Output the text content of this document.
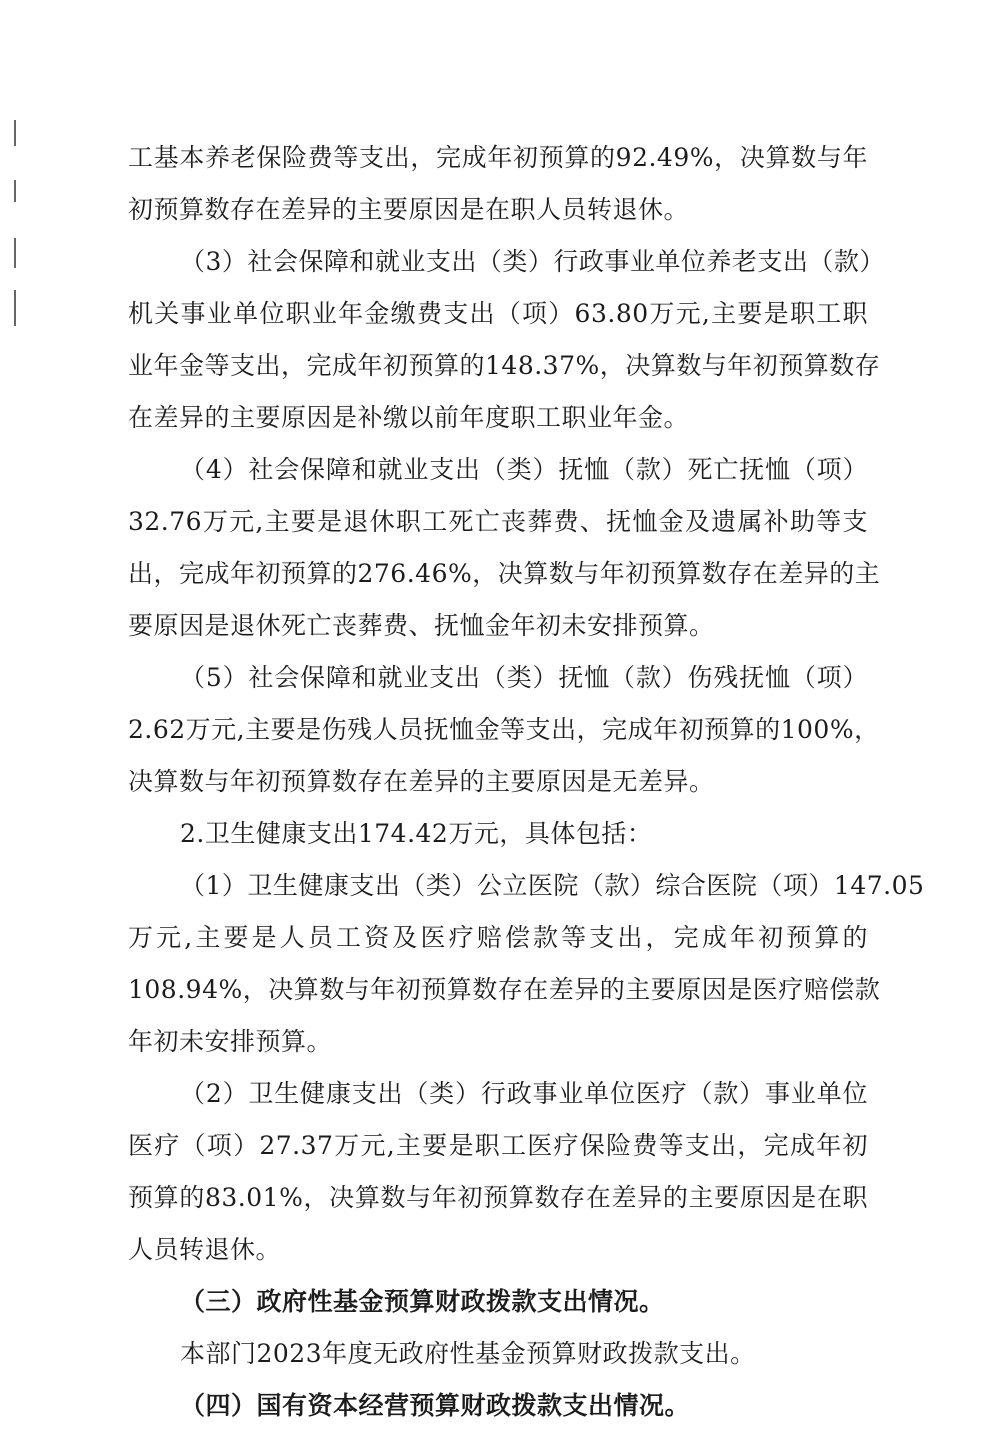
工基本养老保险费等支出，完成年初预算的92.49%，决算数与年
初预算数存在差异的主要原因是在职人员转退休。
（3）社会保障和就业支出（类）行政事业单位养老支出（款）
机关事业单位职业年金缴费支出（项）63.80万元,主要是职工职
业年金等支出，完成年初预算的148.37%，决算数与年初预算数存
在差异的主要原因是补缴以前年度职工职业年金。
（4）社会保障和就业支出（类）抚恤（款）死亡抚恤（项）
32.76万元,主要是退休职工死亡丧葬费、抚恤金及遗属补助等支
出，完成年初预算的276.46%，决算数与年初预算数存在差异的主
要原因是退休死亡丧葬费、抚恤金年初未安排预算。
（5）社会保障和就业支出（类）抚恤（款）伤残抚恤（项）
2.62万元,主要是伤残人员抚恤金等支出，完成年初预算的100%，
决算数与年初预算数存在差异的主要原因是无差异。
2.卫生健康支出174.42万元，具体包括：
（1）卫生健康支出（类）公立医院（款）综合医院（项）147.05
万元,主要是人员工资及医疗赔偿款等支出，完成年初预算的
108.94%，决算数与年初预算数存在差异的主要原因是医疗赔偿款
年初未安排预算。
（2）卫生健康支出（类）行政事业单位医疗（款）事业单位
医疗（项）27.37万元,主要是职工医疗保险费等支出，完成年初
预算的83.01%，决算数与年初预算数存在差异的主要原因是在职
人员转退休。
（三）政府性基金预算财政拨款支出情况。
本部门2023年度无政府性基金预算财政拨款支出。
（四）国有资本经营预算财政拨款支出情况。
